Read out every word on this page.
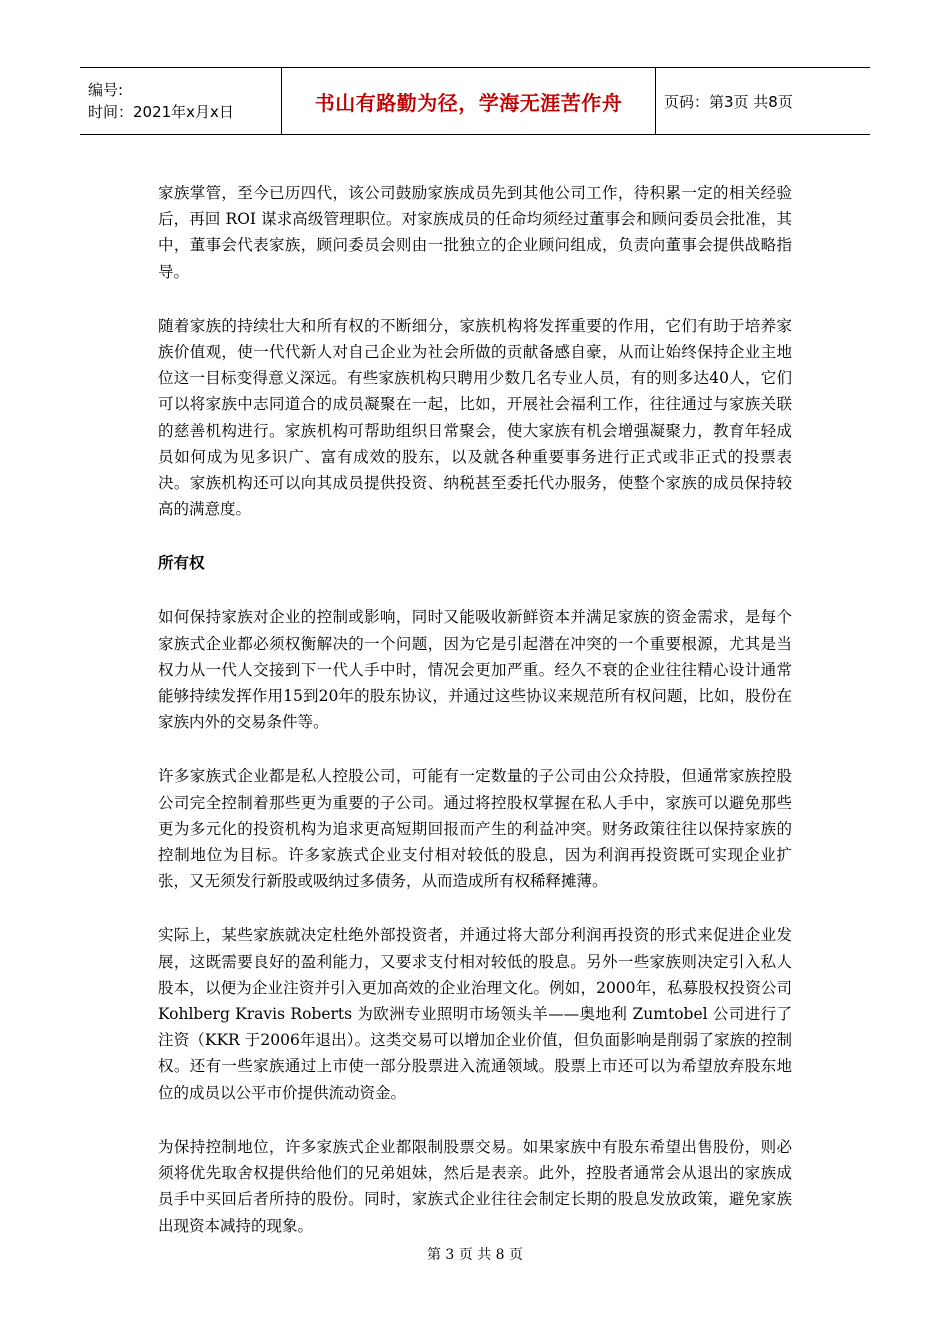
编号:
时间：2021年x月x日	书山有路勤为径，学海无涯苦作舟	页码：第3页 共8页

家族掌管，至今已历四代，该公司鼓励家族成员先到其他公司工作，待积累一定的相关经验后，再回 ROI 谋求高级管理职位。对家族成员的任命均须经过董事会和顾问委员会批准，其中，董事会代表家族，顾问委员会则由一批独立的企业顾问组成，负责向董事会提供战略指导。

随着家族的持续壮大和所有权的不断细分，家族机构将发挥重要的作用，它们有助于培养家族价值观，使一代代新人对自己企业为社会所做的贡献备感自豪，从而让始终保持企业主地位这一目标变得意义深远。有些家族机构只聘用少数几名专业人员，有的则多达40人，它们可以将家族中志同道合的成员凝聚在一起，比如，开展社会福利工作，往往通过与家族关联的慈善机构进行。家族机构可帮助组织日常聚会，使大家族有机会增强凝聚力，教育年轻成员如何成为见多识广、富有成效的股东，以及就各种重要事务进行正式或非正式的投票表决。家族机构还可以向其成员提供投资、纳税甚至委托代办服务，使整个家族的成员保持较高的满意度。

所有权

如何保持家族对企业的控制或影响，同时又能吸收新鲜资本并满足家族的资金需求，是每个家族式企业都必须权衡解决的一个问题，因为它是引起潜在冲突的一个重要根源，尤其是当权力从一代人交接到下一代人手中时，情况会更加严重。经久不衰的企业往往精心设计通常能够持续发挥作用15到20年的股东协议，并通过这些协议来规范所有权问题，比如，股份在家族内外的交易条件等。

许多家族式企业都是私人控股公司，可能有一定数量的子公司由公众持股，但通常家族控股公司完全控制着那些更为重要的子公司。通过将控股权掌握在私人手中，家族可以避免那些更为多元化的投资机构为追求更高短期回报而产生的利益冲突。财务政策往往以保持家族的控制地位为目标。许多家族式企业支付相对较低的股息，因为利润再投资既可实现企业扩张，又无须发行新股或吸纳过多债务，从而造成所有权稀释摊薄。

实际上，某些家族就决定杜绝外部投资者，并通过将大部分利润再投资的形式来促进企业发展，这既需要良好的盈利能力，又要求支付相对较低的股息。另外一些家族则决定引入私人股本，以便为企业注资并引入更加高效的企业治理文化。例如，2000年，私募股权投资公司 Kohlberg Kravis Roberts 为欧洲专业照明市场领头羊——奥地利 Zumtobel 公司进行了注资（KKR 于2006年退出）。这类交易可以增加企业价值，但负面影响是削弱了家族的控制权。还有一些家族通过上市使一部分股票进入流通领域。股票上市还可以为希望放弃股东地位的成员以公平市价提供流动资金。

为保持控制地位，许多家族式企业都限制股票交易。如果家族中有股东希望出售股份，则必须将优先取舍权提供给他们的兄弟姐妹，然后是表亲。此外，控股者通常会从退出的家族成员手中买回后者所持的股份。同时，家族式企业往往会制定长期的股息发放政策，避免家族出现资本减持的现象。

第 3 页 共 8 页
